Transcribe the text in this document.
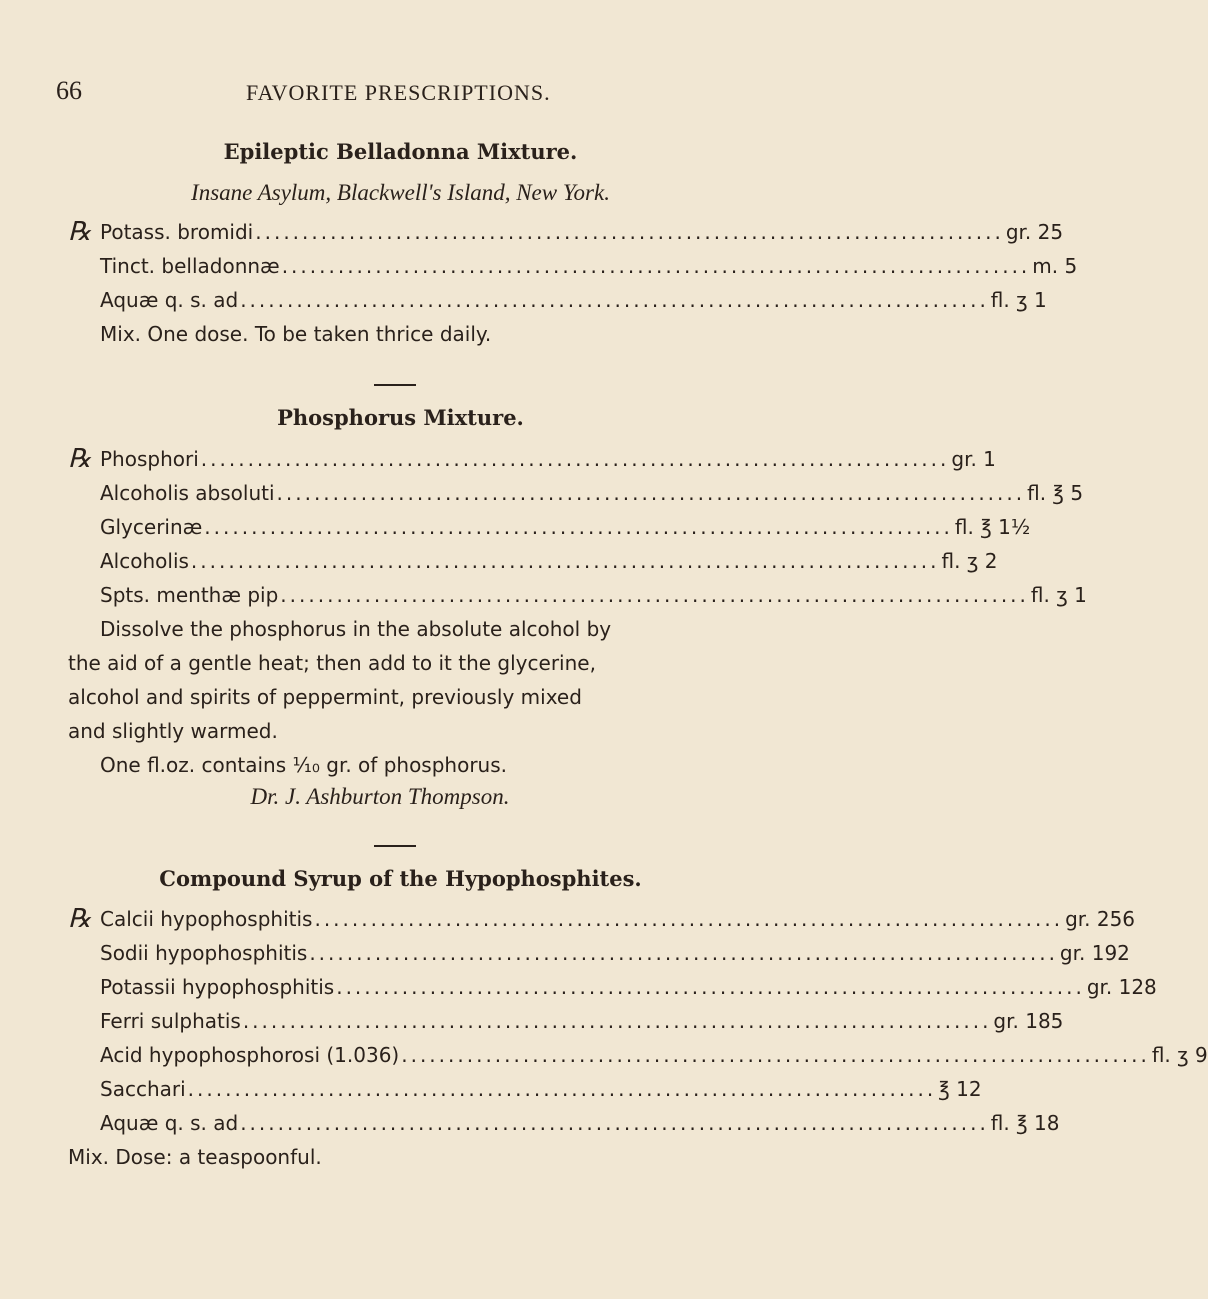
66	FAVORITE PRESCRIPTIONS.
Epileptic Belladonna Mixture.
Insane Asylum, Blackwell's Island, New York.
℞ Potass. bromidi ................................................................................ gr. 25
Tinct. belladonnæ ................................................................................ m. 5
Aquæ q. s. ad ................................................................................ fl. ʒ 1
Mix. One dose. To be taken thrice daily.
Phosphorus Mixture.
℞ Phosphori ................................................................................ gr. 1
Alcoholis absoluti ................................................................................ fl. ℥ 5
Glycerinæ ................................................................................ fl. ℥ 1½
Alcoholis ................................................................................ fl. ʒ 2
Spts. menthæ pip ................................................................................ fl. ʒ 1
Dissolve the phosphorus in the absolute alcohol by
the aid of a gentle heat; then add to it the glycerine,
alcohol and spirits of peppermint, previously mixed
and slightly warmed.
One fl.oz. contains ⅒ gr. of phosphorus.
Dr. J. Ashburton Thompson.
Compound Syrup of the Hypophosphites.
℞ Calcii hypophosphitis ................................................................................ gr. 256
Sodii hypophosphitis ................................................................................ gr. 192
Potassii hypophosphitis ................................................................................ gr. 128
Ferri sulphatis ................................................................................ gr. 185
Acid hypophosphorosi (1.036) ................................................................................ fl. ʒ 9
Sacchari ................................................................................ ℥ 12
Aquæ q. s. ad ................................................................................ fl. ℥ 18
Mix. Dose: a teaspoonful.
